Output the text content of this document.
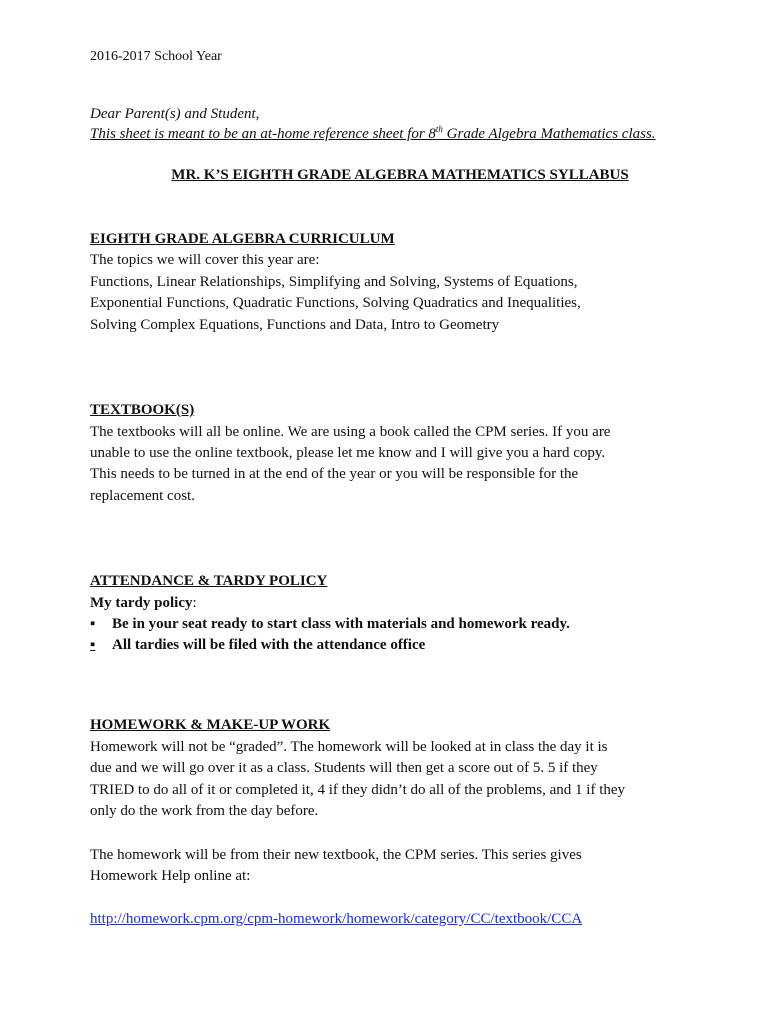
2016-2017 School Year
Dear Parent(s) and Student,
This sheet is meant to be an at-home reference sheet for 8th Grade Algebra Mathematics class.
MR. K’S EIGHTH GRADE ALGEBRA MATHEMATICS SYLLABUS
EIGHTH GRADE ALGEBRA CURRICULUM
The topics we will cover this year are:
Functions, Linear Relationships, Simplifying and Solving, Systems of Equations,
Exponential Functions, Quadratic Functions, Solving Quadratics and Inequalities,
Solving Complex Equations, Functions and Data, Intro to Geometry
TEXTBOOK(S)
The textbooks will all be online. We are using a book called the CPM series. If you are
unable to use the online textbook, please let me know and I will give you a hard copy.
This needs to be turned in at the end of the year or you will be responsible for the
replacement cost.
ATTENDANCE & TARDY POLICY
My tardy policy:
▪ Be in your seat ready to start class with materials and homework ready.
▪ All tardies will be filed with the attendance office
HOMEWORK & MAKE-UP WORK
Homework will not be “graded”. The homework will be looked at in class the day it is
due and we will go over it as a class. Students will then get a score out of 5. 5 if they
TRIED to do all of it or completed it, 4 if they didn’t do all of the problems, and 1 if they
only do the work from the day before.
The homework will be from their new textbook, the CPM series. This series gives
Homework Help online at:
http://homework.cpm.org/cpm-homework/homework/category/CC/textbook/CCA
